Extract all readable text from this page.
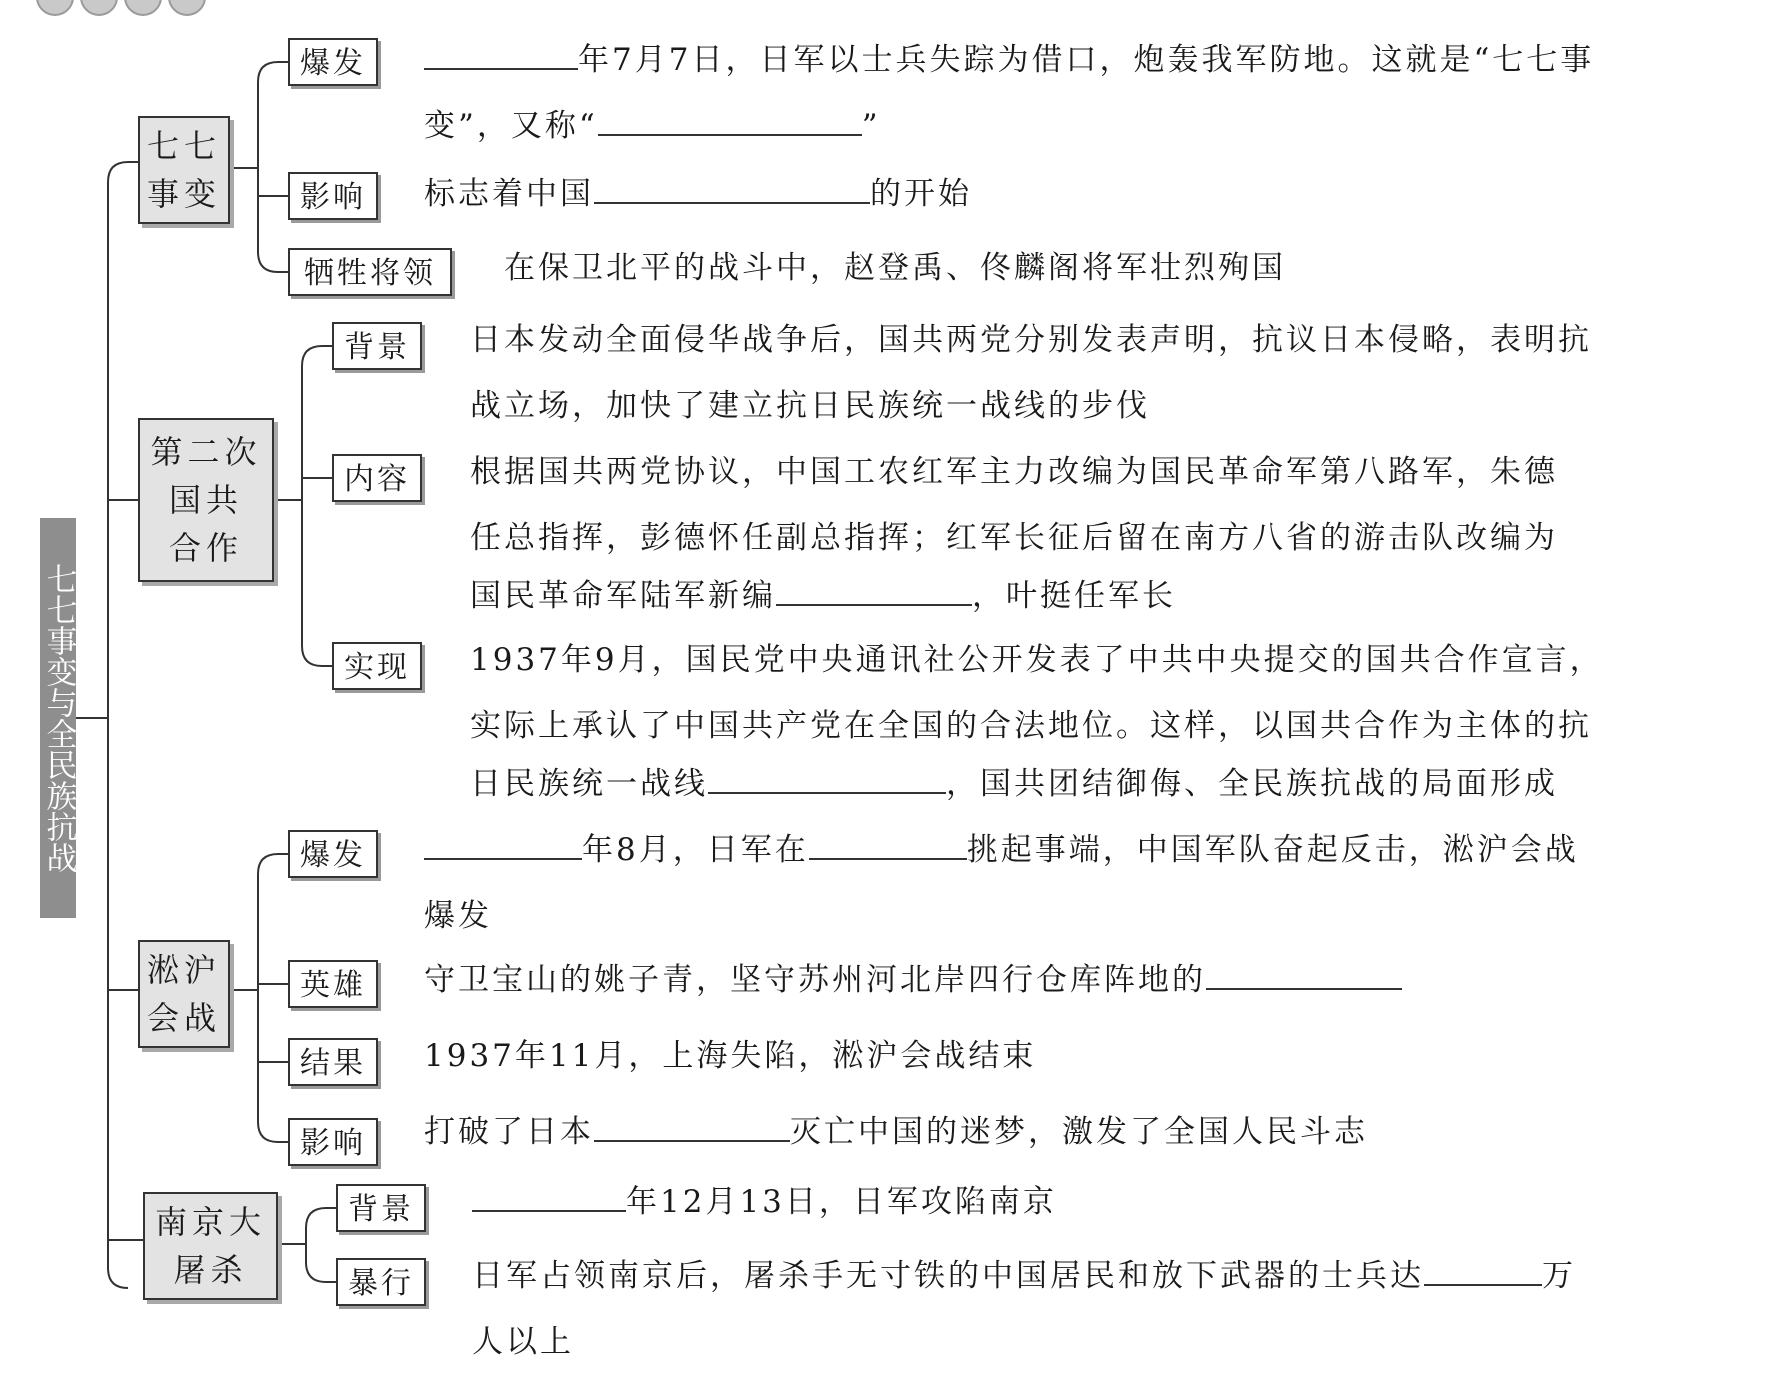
七七事变与全民族抗战
七七
事变
爆发	年7月7日，日军以士兵失踪为借口，炮轰我军防地。这就是“七七事
变”，又称“	”
影响	标志着中国	的开始
牺牲将领	在保卫北平的战斗中，赵登禹、佟麟阁将军壮烈殉国
第二次
国共
合作
背景	日本发动全面侵华战争后，国共两党分别发表声明，抗议日本侵略，表明抗
战立场，加快了建立抗日民族统一战线的步伐
内容	根据国共两党协议，中国工农红军主力改编为国民革命军第八路军，朱德
任总指挥，彭德怀任副总指挥；红军长征后留在南方八省的游击队改编为
国民革命军陆军新编	，叶挺任军长
实现	1937年9月，国民党中央通讯社公开发表了中共中央提交的国共合作宣言，
实际上承认了中国共产党在全国的合法地位。这样，以国共合作为主体的抗
日民族统一战线	，国共团结御侮、全民族抗战的局面形成
淞沪
会战
爆发	年8月，日军在	挑起事端，中国军队奋起反击，淞沪会战
爆发
英雄	守卫宝山的姚子青，坚守苏州河北岸四行仓库阵地的
结果	1937年11月，上海失陷，淞沪会战结束
影响	打破了日本	灭亡中国的迷梦，激发了全国人民斗志
南京大
屠杀
背景	年12月13日，日军攻陷南京
暴行	日军占领南京后，屠杀手无寸铁的中国居民和放下武器的士兵达	万
人以上
